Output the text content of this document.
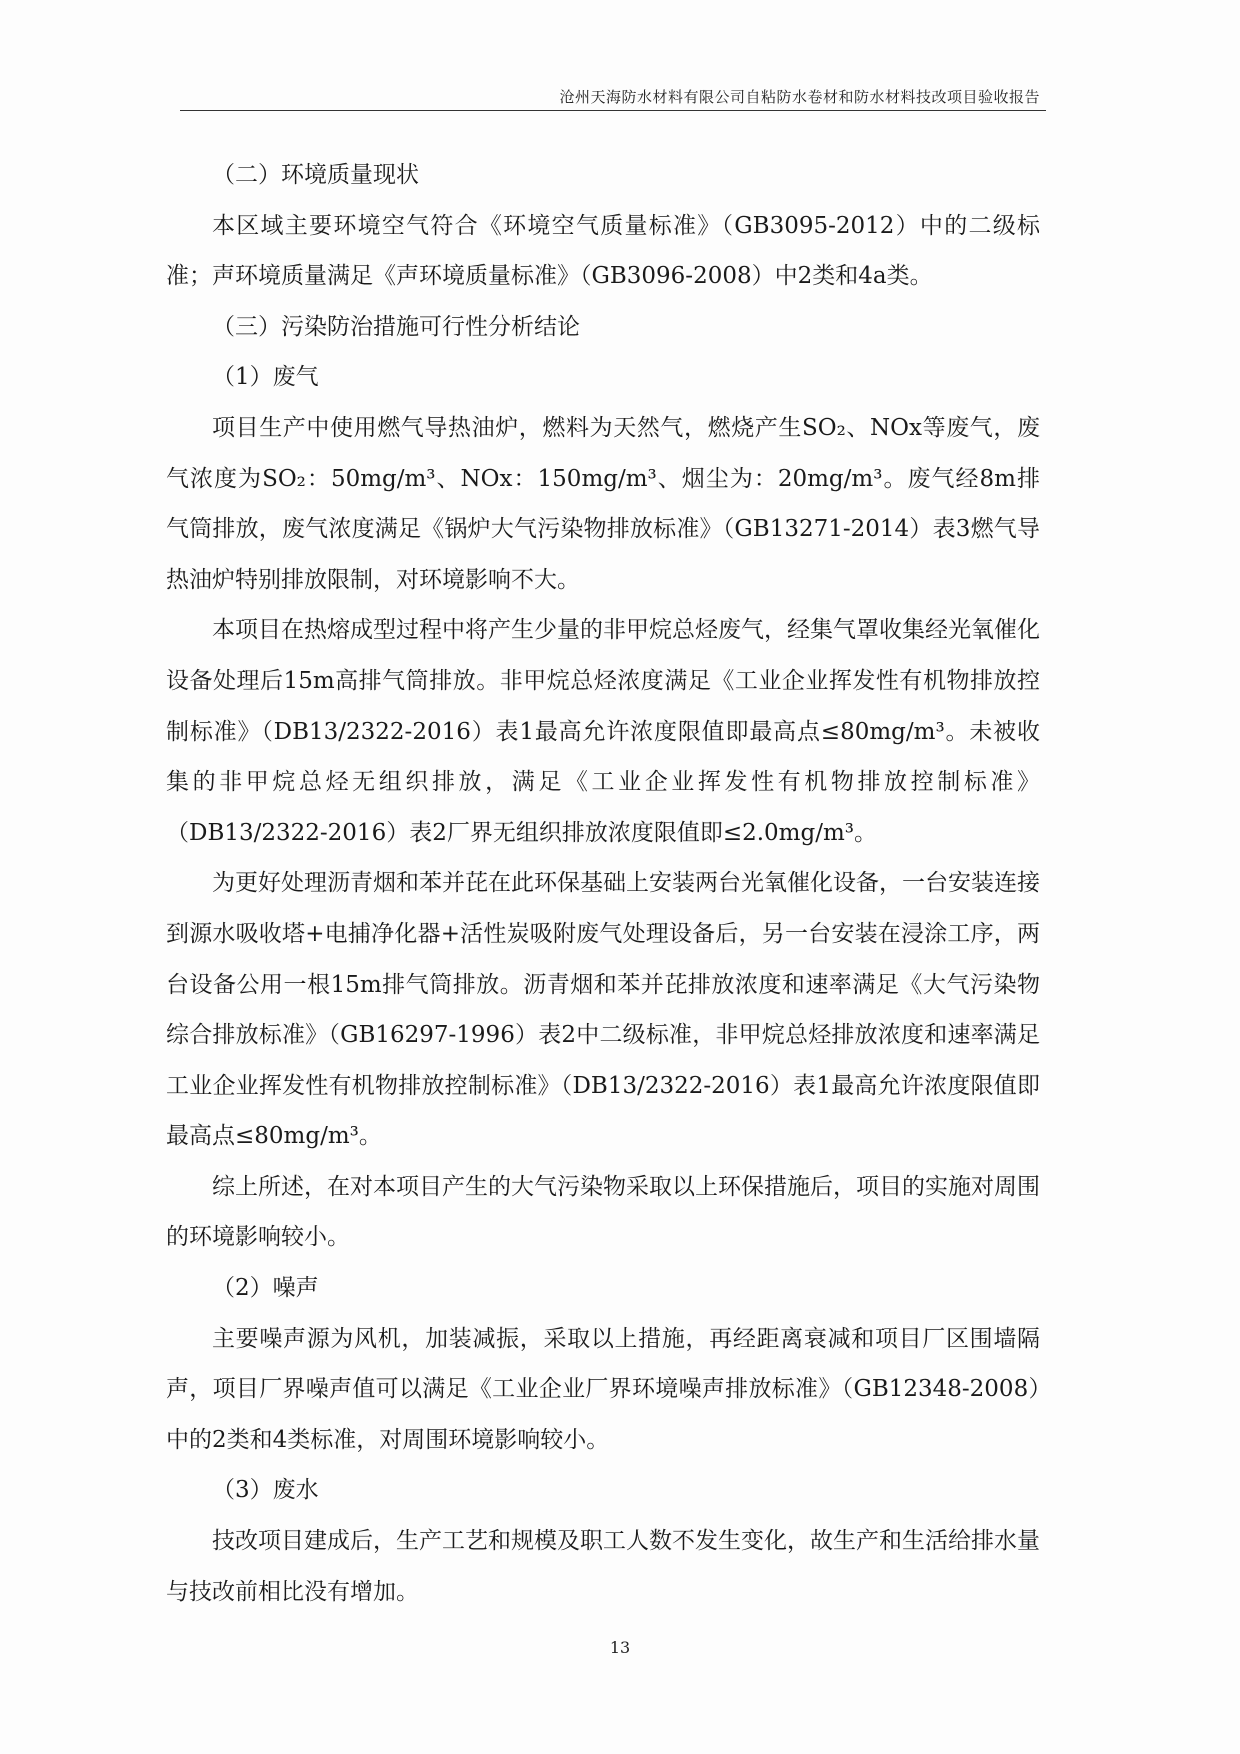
沧州天海防水材料有限公司自粘防水卷材和防水材料技改项目验收报告
（二）环境质量现状
本区域主要环境空气符合《环境空气质量标准》（GB3095-2012）中的二级标准；声环境质量满足《声环境质量标准》（GB3096-2008）中2类和4a类。
（三）污染防治措施可行性分析结论
（1）废气
项目生产中使用燃气导热油炉，燃料为天然气，燃烧产生SO₂、NOx等废气，废气浓度为SO₂：50mg/m³、NOx：150mg/m³、烟尘为：20mg/m³。废气经8m排气筒排放，废气浓度满足《锅炉大气污染物排放标准》（GB13271-2014）表3燃气导热油炉特别排放限制，对环境影响不大。
本项目在热熔成型过程中将产生少量的非甲烷总烃废气，经集气罩收集经光氧催化设备处理后15m高排气筒排放。非甲烷总烃浓度满足《工业企业挥发性有机物排放控制标准》（DB13/2322-2016）表1最高允许浓度限值即最高点≤80mg/m³。未被收集的非甲烷总烃无组织排放，满足《工业企业挥发性有机物排放控制标准》（DB13/2322-2016）表2厂界无组织排放浓度限值即≤2.0mg/m³。
为更好处理沥青烟和苯并芘在此环保基础上安装两台光氧催化设备，一台安装连接到源水吸收塔+电捕净化器+活性炭吸附废气处理设备后，另一台安装在浸涂工序，两台设备公用一根15m排气筒排放。沥青烟和苯并芘排放浓度和速率满足《大气污染物综合排放标准》（GB16297-1996）表2中二级标准，非甲烷总烃排放浓度和速率满足工业企业挥发性有机物排放控制标准》（DB13/2322-2016）表1最高允许浓度限值即最高点≤80mg/m³。
综上所述，在对本项目产生的大气污染物采取以上环保措施后，项目的实施对周围的环境影响较小。
（2）噪声
主要噪声源为风机，加装减振，采取以上措施，再经距离衰减和项目厂区围墙隔声，项目厂界噪声值可以满足《工业企业厂界环境噪声排放标准》（GB12348-2008）中的2类和4类标准，对周围环境影响较小。
（3）废水
技改项目建成后，生产工艺和规模及职工人数不发生变化，故生产和生活给排水量与技改前相比没有增加。
13
